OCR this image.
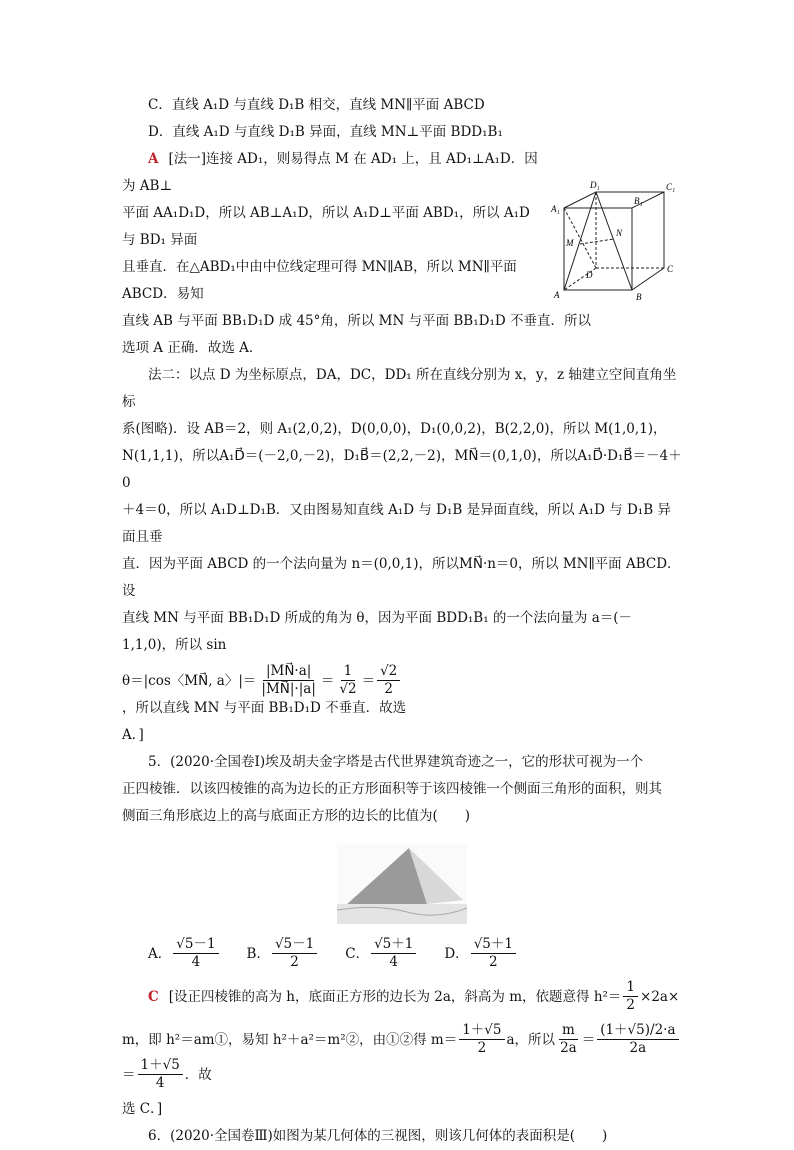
C．直线 A₁D 与直线 D₁B 相交，直线 MN∥平面 ABCD
D．直线 A₁D 与直线 D₁B 异面，直线 MN⊥平面 BDD₁B₁
D₁	C₁
A₁
B₁
M
N
D
C
A	B
A [法一]连接 AD₁，则易得点 M 在 AD₁ 上，且 AD₁⊥A₁D．因为 AB⊥
平面 AA₁D₁D，所以 AB⊥A₁D，所以 A₁D⊥平面 ABD₁，所以 A₁D 与 BD₁ 异面
且垂直．在△ABD₁中由中位线定理可得 MN∥AB，所以 MN∥平面 ABCD．易知
直线 AB 与平面 BB₁D₁D 成 45°角，所以 MN 与平面 BB₁D₁D 不垂直．所以
选项 A 正确．故选 A．
法二：以点 D 为坐标原点，DA，DC，DD₁ 所在直线分别为 x，y，z 轴建立空间直角坐标
系(图略)．设 AB＝2，则 A₁(2,0,2)，D(0,0,0)，D₁(0,0,2)，B(2,2,0)，所以 M(1,0,1)，
N(1,1,1)，所以A₁D⃗＝(－2,0,－2)，D₁B⃗＝(2,2,－2)，MN⃗＝(0,1,0)，所以A₁D⃗·D₁B⃗＝－4＋0
＋4＝0，所以 A₁D⊥D₁B．又由图易知直线 A₁D 与 D₁B 是异面直线，所以 A₁D 与 D₁B 异面且垂
直．因为平面 ABCD 的一个法向量为 n＝(0,0,1)，所以MN⃗·n＝0，所以 MN∥平面 ABCD．设
直线 MN 与平面 BB₁D₁D 所成的角为 θ，因为平面 BDD₁B₁ 的一个法向量为 a＝(－1,1,0)，所以 sin
θ＝|cos〈MN⃗, a〉|＝ $\frac{|MN⃗\cdot a|}{|MN⃗|\cdot|a|} = \frac{1}{√2} = \frac{√2}{2}$
，所以直线 MN 与平面 BB₁D₁D 不垂直．故选
A．]
5．(2020·全国卷Ⅰ)埃及胡夫金字塔是古代世界建筑奇迹之一，它的形状可视为一个
正四棱锥．以该四棱锥的高为边长的正方形面积等于该四棱锥一个侧面三角形的面积，则其
侧面三角形底边上的高与底面正方形的边长的比值为(　　)
A． $\frac{√5-1}{4}$ B． $\frac{√5-1}{2}$ C． $\frac{√5+1}{4}$ D． $\frac{√5+1}{2}$
C [设正四棱锥的高为 h，底面正方形的边长为 2a，斜高为 m，依题意得 $h^2= \frac{1}{2} \times 2a\times$
m，即 h²＝am①，易知 h²＋a²＝m²②，由①②得 $m= \frac{1+√5}{2}$ a，所以 $\frac{m}{2a} = \frac{(1+√5)/2\cdot a}{2a}$
＝ $\frac{1+√5}{4}$ ．故
选 C．]
6．(2020·全国卷Ⅲ)如图为某几何体的三视图，则该几何体的表面积是(　　)
